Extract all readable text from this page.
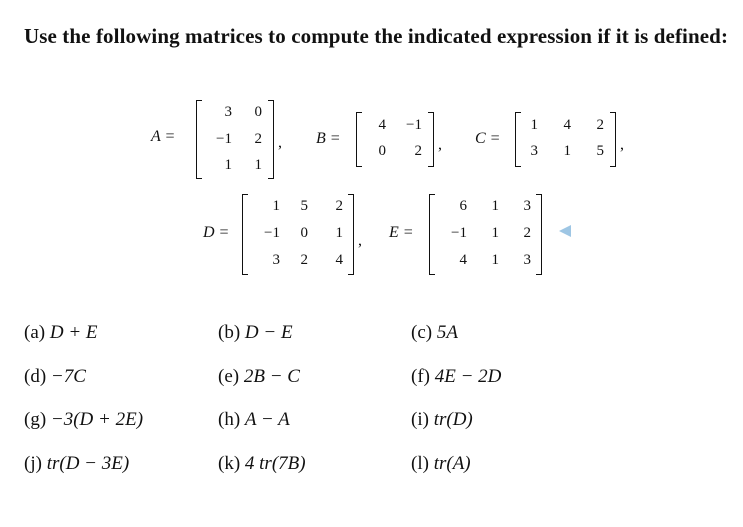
Use the following matrices to compute the indicated expression if it is defined:
A =
3	0
−1	2
1	1
, B =
4	−1
0	2 , C =
1	4	2
3	1	5 ,
D =
1	5	2
−1	0	1
3	2	4
, E =
6	1	3
−1	1	2
4	1	3
(a) D + E	(b) D − E	(c) 5A
(d) −7C	(e) 2B − C	(f) 4E − 2D
(g) −3(D + 2E)	(h) A − A	(i) tr(D)
(j) tr(D − 3E)	(k) 4 tr(7B)	(l) tr(A)
